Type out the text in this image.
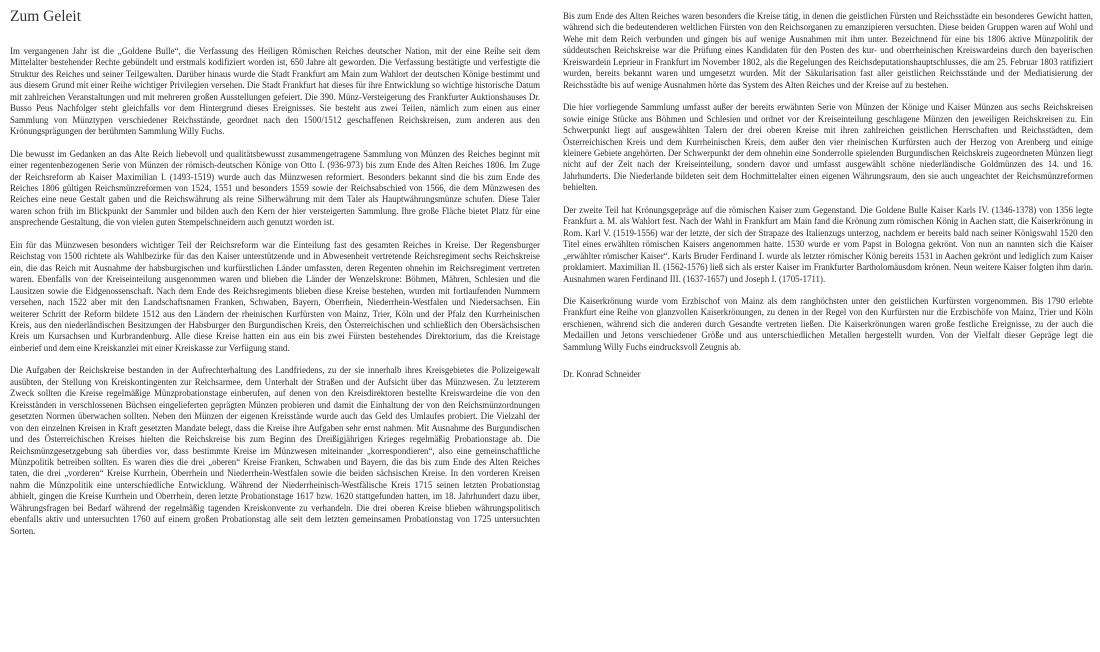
Zum Geleit

Im vergangenen Jahr ist die „Goldene Bulle“, die Verfassung des Heiligen Römischen Reiches deutscher Nation, mit der eine Reihe seit dem Mittelalter bestehender Rechte gebündelt und erstmals kodifiziert worden ist, 650 Jahre alt geworden. Die Verfassung bestätigte und verfestigte die Struktur des Reiches und seiner Teilgewalten. Darüber hinaus wurde die Stadt Frankfurt am Main zum Wahlort der deutschen Könige bestimmt und aus diesem Grund mit einer Reihe wichtiger Privilegien versehen. Die Stadt Frankfurt hat dieses für ihre Entwicklung so wichtige historische Datum mit zahlreichen Veranstaltungen und mit mehreren großen Ausstellungen gefeiert. Die 390. Münz-Versteigerung des Frankfurter Auktionshauses Dr. Busso Peus Nachfolger steht gleichfalls vor dem Hintergrund dieses Ereignisses. Sie besteht aus zwei Teilen, nämlich zum einen aus einer Sammlung von Münztypen verschiedener Reichsstände, geordnet nach den 1500/1512 geschaffenen Reichskreisen, zum anderen aus den Krönungsprägungen der berühmten Sammlung Willy Fuchs.

Die bewusst im Gedanken an das Alte Reich liebevoll und qualitätsbewusst zusammengetragene Sammlung von Münzen des Reiches beginnt mit einer regentenbezogenen Serie von Münzen der römisch-deutschen Könige von Otto I. (936-973) bis zum Ende des Alten Reiches 1806. Im Zuge der Reichsreform ab Kaiser Maximilian I. (1493-1519) wurde auch das Münzwesen reformiert. Besonders bekannt sind die bis zum Ende des Reiches 1806 gültigen Reichsmünzreformen von 1524, 1551 und besonders 1559 sowie der Reichsabschied von 1566, die dem Münzwesen des Reiches eine neue Gestalt gaben und die Reichswährung als reine Silberwährung mit dem Taler als Hauptwährungsmünze schufen. Diese Taler waren schon früh im Blickpunkt der Sammler und bilden auch den Kern der hier versteigerten Sammlung. Ihre große Fläche bietet Platz für eine ansprechende Gestaltung, die von vielen guten Stempelschneidern auch genutzt worden ist.

Ein für das Münzwesen besonders wichtiger Teil der Reichsreform war die Einteilung fast des gesamten Reiches in Kreise. Der Regensburger Reichstag von 1500 richtete als Wahlbezirke für das den Kaiser unterstützende und in Abwesenheit vertretende Reichsregiment sechs Reichskreise ein, die das Reich mit Ausnahme der habsburgischen und kurfürstlichen Länder umfassten, deren Regenten ohnehin im Reichsregiment vertreten waren. Ebenfalls von der Kreiseinteilung ausgenommen waren und blieben die Länder der Wenzelskrone: Böhmen, Mähren, Schlesien und die Lausitzen sowie die Eidgenossenschaft. Nach dem Ende des Reichsregiments blieben diese Kreise bestehen, wurden mit fortlaufenden Nummern versehen, nach 1522 aber mit den Landschaftsnamen Franken, Schwaben, Bayern, Oberrhein, Niederrhein-Westfalen und Niedersachsen. Ein weiterer Schritt der Reform bildete 1512 aus den Ländern der rheinischen Kurfürsten von Mainz, Trier, Köln und der Pfalz den Kurrheinischen Kreis, aus den niederländischen Besitzungen der Habsburger den Burgundischen Kreis, den Österreichischen und schließlich den Obersächsischen Kreis um Kursachsen und Kurbrandenburg. Alle diese Kreise hatten ein aus ein bis zwei Fürsten bestehendes Direktorium, das die Kreistage einberief und dem eine Kreiskanzlei mit einer Kreiskasse zur Verfügung stand.

Die Aufgaben der Reichskreise bestanden in der Aufrechterhaltung des Landfriedens, zu der sie innerhalb ihres Kreisgebietes die Polizeigewalt ausübten, der Stellung von Kreiskontingenten zur Reichsarmee, dem Unterhalt der Straßen und der Aufsicht über das Münzwesen. Zu letzterem Zweck sollten die Kreise regelmäßige Münzprobationstage einberufen, auf denen von den Kreisdirektoren bestellte Kreiswardeine die von den Kreisständen in verschlossenen Büchsen eingelieferten geprägten Münzen probieren und damit die Einhaltung der von den Reichsmünzordnungen gesetzten Normen überwachen sollten. Neben den Münzen der eigenen Kreisstände wurde auch das Geld des Umlaufes probiert. Die Vielzahl der von den einzelnen Kreisen in Kraft gesetzten Mandate belegt, dass die Kreise ihre Aufgaben sehr ernst nahmen. Mit Ausnahme des Burgundischen und des Österreichischen Kreises hielten die Reichskreise bis zum Beginn des Dreißigjährigen Krieges regelmäßig Probationstage ab. Die Reichsmünzgesetzgebung sah überdies vor, dass bestimmte Kreise im Münzwesen miteinander „korrespondieren“, also eine gemeinschaftliche Münzpolitik betreiben sollten. Es waren dies die drei „oberen“ Kreise Franken, Schwaben und Bayern, die das bis zum Ende des Alten Reiches taten, die drei „vorderen“ Kreise Kurrhein, Oberrhein und Niederrhein-Westfalen sowie die beiden sächsischen Kreise. In den vorderen Kreisen nahm die Münzpolitik eine unterschiedliche Entwicklung. Während der Niederrheinisch-Westfälische Kreis 1715 seinen letzten Probationstag abhielt, gingen die Kreise Kurrhein und Oberrhein, deren letzte Probationstage 1617 bzw. 1620 stattgefunden hatten, im 18. Jahrhundert dazu über, Währungsfragen bei Bedarf während der regelmäßig tagenden Kreiskonvente zu verhandeln. Die drei oberen Kreise blieben währungspolitisch ebenfalls aktiv und untersuchten 1760 auf einem großen Probationstag alle seit dem letzten gemeinsamen Probationstag von 1725 untersuchten Sorten.

Bis zum Ende des Alten Reiches waren besonders die Kreise tätig, in denen die geistlichen Fürsten und Reichsstädte ein besonderes Gewicht hatten, während sich die bedeutenderen weltlichen Fürsten von den Reichsorganen zu emanzipieren versuchten. Diese beiden Gruppen waren auf Wohl und Wehe mit dem Reich verbunden und gingen bis auf wenige Ausnahmen mit ihm unter. Bezeichnend für eine bis 1806 aktive Münzpolitik der süddeutschen Reichskreise war die Prüfung eines Kandidaten für den Posten des kur- und oberrheinischen Kreiswardeins durch den bayerischen Kreiswardein Leprieur in Frankfurt im November 1802, als die Regelungen des Reichsdeputationshauptschlusses, die am 25. Februar 1803 ratifiziert wurden, bereits bekannt waren und umgesetzt wurden. Mit der Säkularisation fast aller geistlichen Reichsstände und der Mediatisierung der Reichsstädte bis auf wenige Ausnahmen hörte das System des Alten Reiches und der Kreise auf zu bestehen.

Die hier vorliegende Sammlung umfasst außer der bereits erwähnten Serie von Münzen der Könige und Kaiser Münzen aus sechs Reichskreisen sowie einige Stücke aus Böhmen und Schlesien und ordnet vor der Kreiseinteilung geschlagene Münzen den jeweiligen Reichskreisen zu. Ein Schwerpunkt liegt auf ausgewählten Talern der drei oberen Kreise mit ihren zahlreichen geistlichen Herrschaften und Reichsstädten, dem Österreichischen Kreis und dem Kurrheinischen Kreis, dem außer den vier rheinischen Kurfürsten auch der Herzog von Arenberg und einige kleinere Gebiete angehörten. Der Schwerpunkt der dem ohnehin eine Sonderrolle spielenden Burgundischen Reichskreis zugeordneten Münzen liegt nicht auf der Zeit nach der Kreiseinteilung, sondern davor und umfasst ausgewählt schöne niederländische Goldmünzen des 14. und 16. Jahrhunderts. Die Niederlande bildeten seit dem Hochmittelalter einen eigenen Währungsraum, den sie auch ungeachtet der Reichsmünzreformen behielten.

Der zweite Teil hat Krönungsgepräge auf die römischen Kaiser zum Gegenstand. Die Goldene Bulle Kaiser Karls IV. (1346-1378) von 1356 legte Frankfurt a. M. als Wahlort fest. Nach der Wahl in Frankfurt am Main fand die Krönung zum römischen König in Aachen statt, die Kaiserkrönung in Rom. Karl V. (1519-1556) war der letzte, der sich der Strapaze des Italienzugs unterzog, nachdem er bereits bald nach seiner Königswahl 1520 den Titel eines erwählten römischen Kaisers angenommen hatte. 1530 wurde er vom Papst in Bologna gekrönt. Von nun an nannten sich die Kaiser „erwählter römischer Kaiser“. Karls Bruder Ferdinand I. wurde als letzter römischer König bereits 1531 in Aachen gekrönt und lediglich zum Kaiser proklamiert. Maximilian II. (1562-1576) ließ sich als erster Kaiser im Frankfurter Bartholomäusdom krönen. Neun weitere Kaiser folgten ihm darin. Ausnahmen waren Ferdinand III. (1637-1657) und Joseph I. (1705-1711).

Die Kaiserkrönung wurde vom Erzbischof von Mainz als dem ranghöchsten unter den geistlichen Kurfürsten vorgenommen. Bis 1790 erlebte Frankfurt eine Reihe von glanzvollen Kaiserkrönungen, zu denen in der Regel von den Kurfürsten nur die Erzbischöfe von Mainz, Trier und Köln erschienen, während sich die anderen durch Gesandte vertreten ließen. Die Kaiserkrönungen waren große festliche Ereignisse, zu der auch die Medaillen und Jetons verschiedener Größe und aus unterschiedlichen Metallen hergestellt wurden. Von der Vielfalt dieser Gepräge legt die Sammlung Willy Fuchs eindrucksvoll Zeugnis ab.

Dr. Konrad Schneider
